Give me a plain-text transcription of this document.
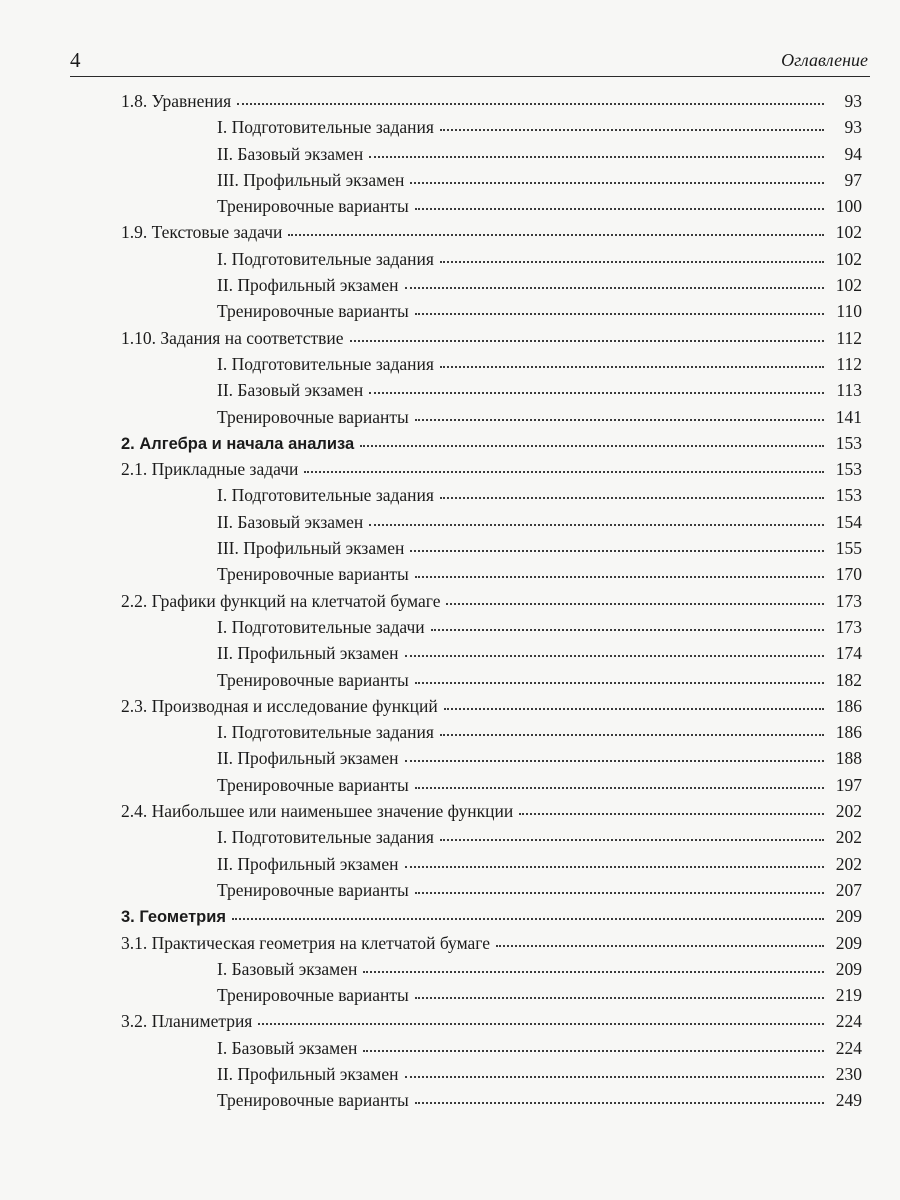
4	Оглавление
1.8. Уравнения	93
I. Подготовительные задания	93
II. Базовый экзамен	94
III. Профильный экзамен	97
Тренировочные варианты	100
1.9. Текстовые задачи	102
I. Подготовительные задания	102
II. Профильный экзамен	102
Тренировочные варианты	110
1.10. Задания на соответствие	112
I. Подготовительные задания	112
II. Базовый экзамен	113
Тренировочные варианты	141
2. Алгебра и начала анализа	153
2.1. Прикладные задачи	153
I. Подготовительные задания	153
II. Базовый экзамен	154
III. Профильный экзамен	155
Тренировочные варианты	170
2.2. Графики функций на клетчатой бумаге	173
I. Подготовительные задачи	173
II. Профильный экзамен	174
Тренировочные варианты	182
2.3. Производная и исследование функций	186
I. Подготовительные задания	186
II. Профильный экзамен	188
Тренировочные варианты	197
2.4. Наибольшее или наименьшее значение функции	202
I. Подготовительные задания	202
II. Профильный экзамен	202
Тренировочные варианты	207
3. Геометрия	209
3.1. Практическая геометрия на клетчатой бумаге	209
I. Базовый экзамен	209
Тренировочные варианты	219
3.2. Планиметрия	224
I. Базовый экзамен	224
II. Профильный экзамен	230
Тренировочные варианты	249
